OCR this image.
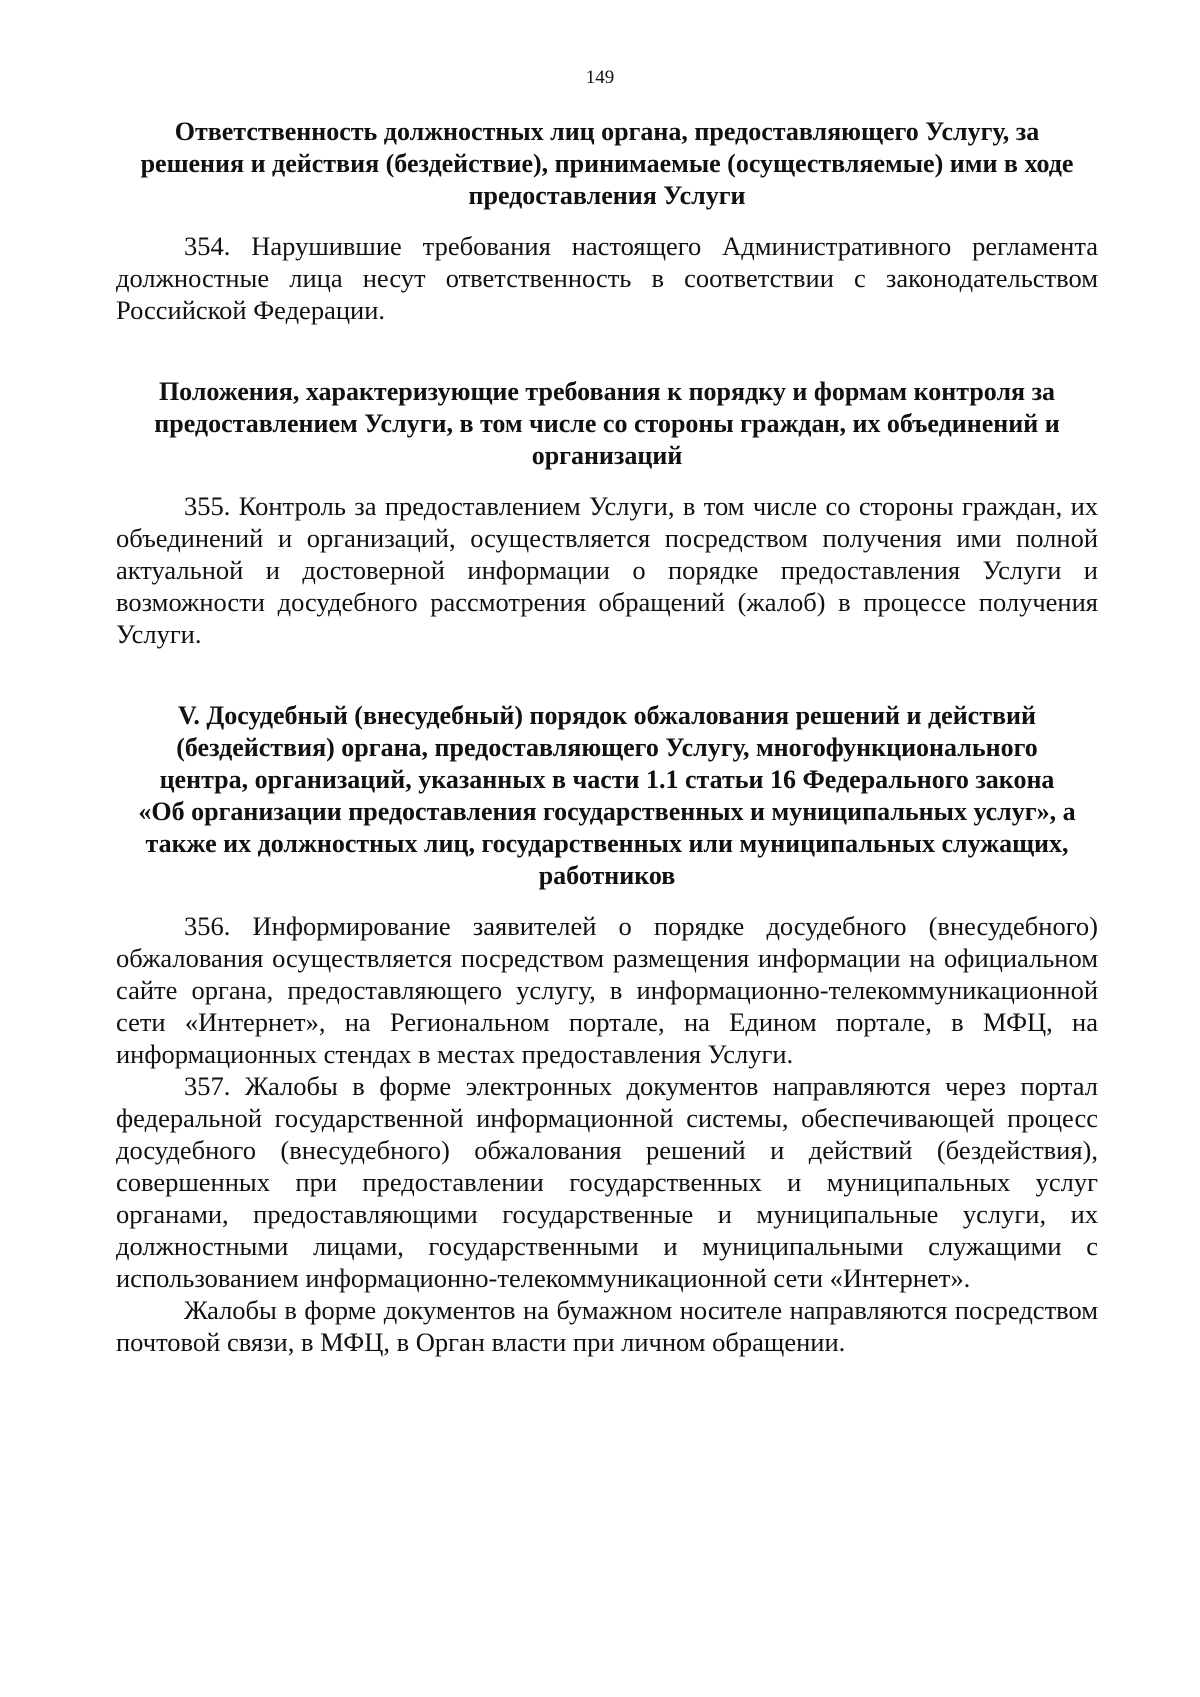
149
Ответственность должностных лиц органа, предоставляющего Услугу, за
решения и действия (бездействие), принимаемые (осуществляемые) ими в ходе
предоставления Услуги

354. Нарушившие требования настоящего Административного регламента должностные лица несут ответственность в соответствии с законодательством Российской Федерации.

Положения, характеризующие требования к порядку и формам контроля за
предоставлением Услуги, в том числе со стороны граждан, их объединений и
организаций

355. Контроль за предоставлением Услуги, в том числе со стороны граждан, их объединений и организаций, осуществляется посредством получения ими полной актуальной и достоверной информации о порядке предоставления Услуги и возможности досудебного рассмотрения обращений (жалоб) в процессе получения Услуги.

V. Досудебный (внесудебный) порядок обжалования решений и действий
(бездействия) органа, предоставляющего Услугу, многофункционального
центра, организаций, указанных в части 1.1 статьи 16 Федерального закона
«Об организации предоставления государственных и муниципальных услуг», а
также их должностных лиц, государственных или муниципальных служащих,
работников

356. Информирование заявителей о порядке досудебного (внесудебного) обжалования осуществляется посредством размещения информации на официальном сайте органа, предоставляющего услугу, в информационно-телекоммуникационной сети «Интернет», на Региональном портале, на Едином портале, в МФЦ, на информационных стендах в местах предоставления Услуги.

357. Жалобы в форме электронных документов направляются через портал федеральной государственной информационной системы, обеспечивающей процесс досудебного (внесудебного) обжалования решений и действий (бездействия), совершенных при предоставлении государственных и муниципальных услуг органами, предоставляющими государственные и муниципальные услуги, их должностными лицами, государственными и муниципальными служащими с использованием информационно-телекоммуникационной сети «Интернет».

Жалобы в форме документов на бумажном носителе направляются посредством почтовой связи, в МФЦ, в Орган власти при личном обращении.
